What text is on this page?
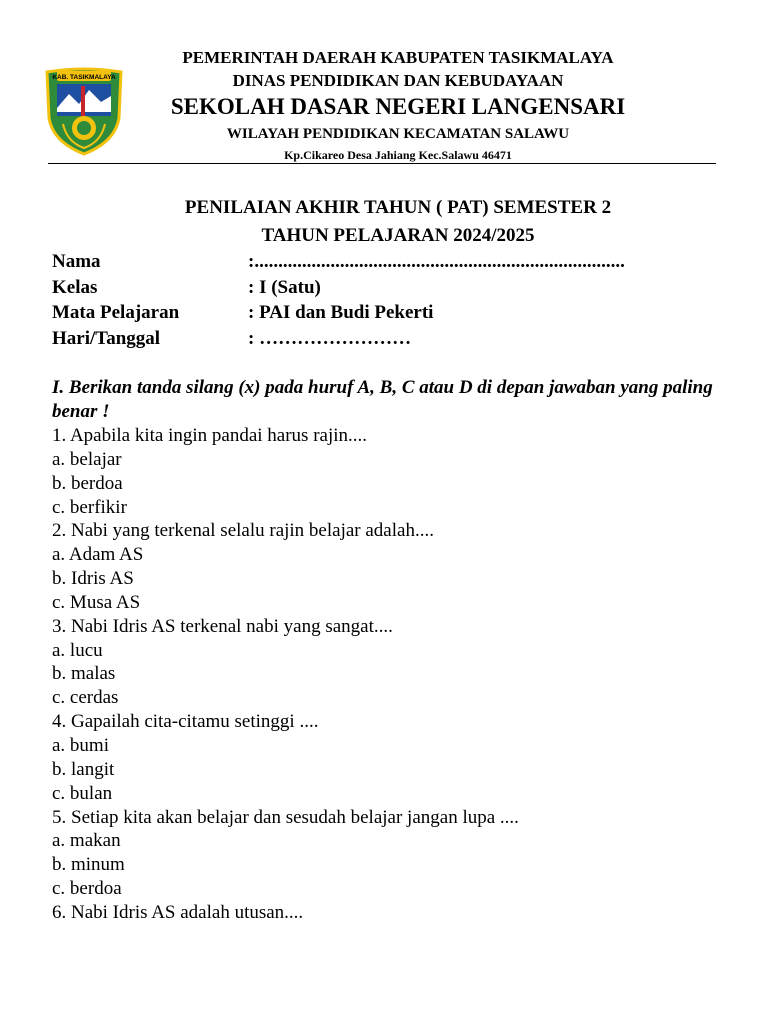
KAB. TASIKMALAYA
PEMERINTAH DAERAH KABUPATEN TASIKMALAYA
DINAS PENDIDIKAN DAN KEBUDAYAAN
SEKOLAH DASAR NEGERI LANGENSARI
WILAYAH PENDIDIKAN KECAMATAN SALAWU
Kp.Cikareo Desa Jahiang Kec.Salawu 46471
PENILAIAN AKHIR TAHUN ( PAT) SEMESTER 2
TAHUN PELAJARAN 2024/2025
Nama	:..............................................................................
Kelas	: I (Satu)
Mata Pelajaran	: PAI dan Budi Pekerti
Hari/Tanggal	: ……………………
I. Berikan tanda silang (x) pada huruf A, B, C atau D di depan jawaban yang paling benar !
1. Apabila kita ingin pandai harus rajin....
a. belajar
b. berdoa
c. berfikir
2. Nabi yang terkenal selalu rajin belajar adalah....
a. Adam AS
b. Idris AS
c. Musa AS
3. Nabi Idris AS terkenal nabi yang sangat....
a. lucu
b. malas
c. cerdas
4. Gapailah cita-citamu setinggi ....
a. bumi
b. langit
c. bulan
5. Setiap kita akan belajar dan sesudah belajar jangan lupa ....
a. makan
b. minum
c. berdoa
6. Nabi Idris AS adalah utusan....
